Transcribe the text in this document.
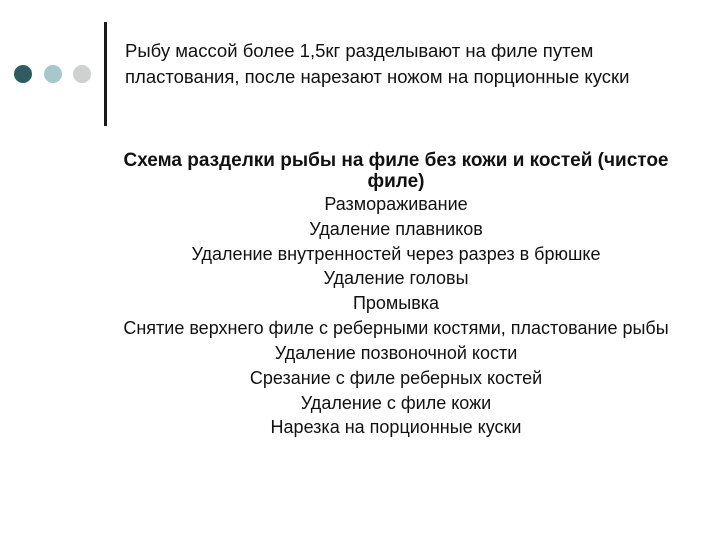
Рыбу массой более 1,5кг разделывают на филе путем пластования, после нарезают ножом на порционные куски

Схема разделки рыбы на филе без кожи и костей (чистое филе)

Размораживание
Удаление плавников
Удаление внутренностей через разрез в брюшке
Удаление головы
Промывка
Снятие верхнего филе с реберными костями, пластование рыбы
Удаление позвоночной кости
Срезание с филе реберных костей
Удаление с филе кожи
Нарезка на порционные куски
